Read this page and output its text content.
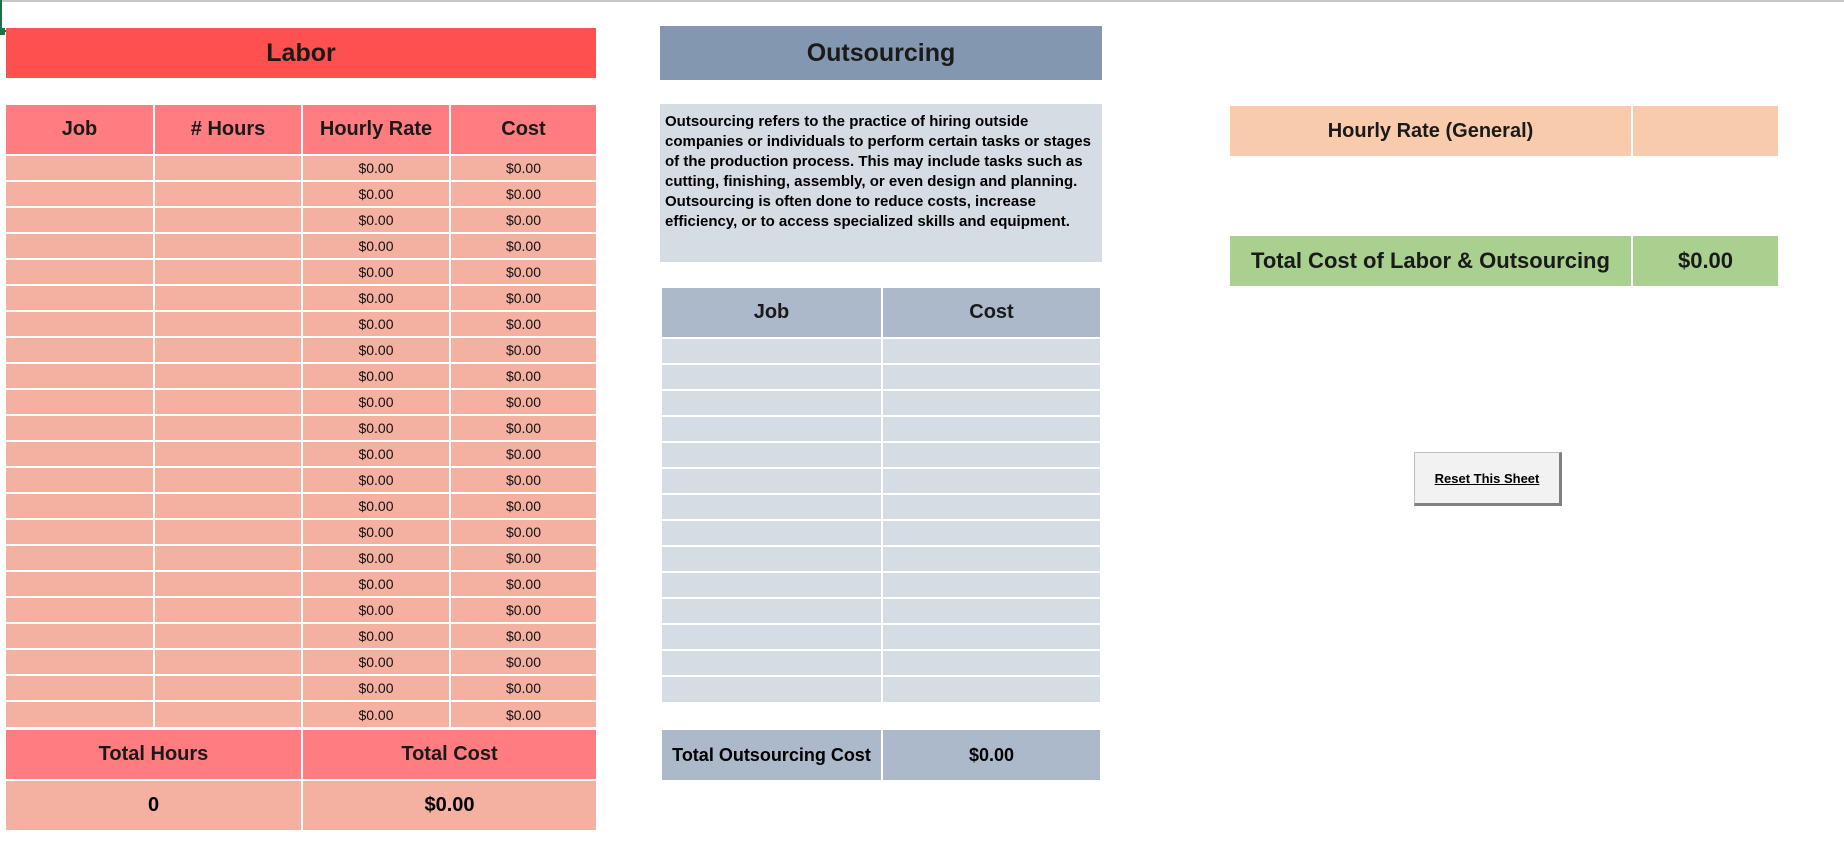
Labor
Job	# Hours	Hourly Rate	Cost
		$0.00	$0.00
		$0.00	$0.00
		$0.00	$0.00
		$0.00	$0.00
		$0.00	$0.00
		$0.00	$0.00
		$0.00	$0.00
		$0.00	$0.00
		$0.00	$0.00
		$0.00	$0.00
		$0.00	$0.00
		$0.00	$0.00
		$0.00	$0.00
		$0.00	$0.00
		$0.00	$0.00
		$0.00	$0.00
		$0.00	$0.00
		$0.00	$0.00
		$0.00	$0.00
		$0.00	$0.00
		$0.00	$0.00
		$0.00	$0.00
Total Hours	Total Cost
0	$0.00
Outsourcing
Outsourcing refers to the practice of hiring outside companies or individuals to perform certain tasks or stages of the production process. This may include tasks such as cutting, finishing, assembly, or even design and planning. Outsourcing is often done to reduce costs, increase efficiency, or to access specialized skills and equipment.
Job	Cost

Total Outsourcing Cost	$0.00
Hourly Rate (General)	
Total Cost of Labor & Outsourcing	$0.00
Reset This Sheet
